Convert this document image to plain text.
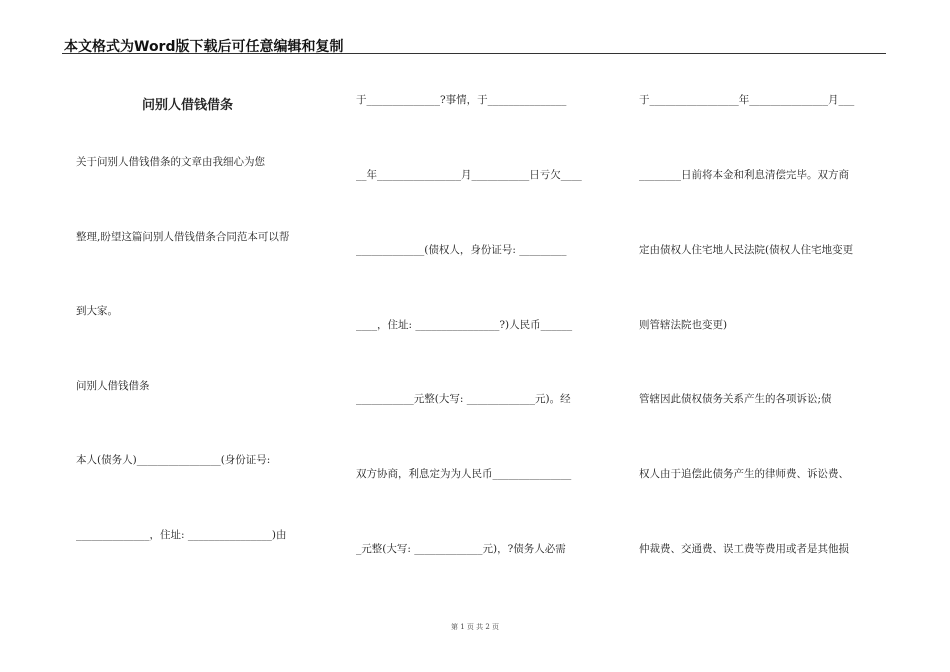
本文格式为Word版下载后可任意编辑和复制
问别人借钱借条
关于问别人借钱借条的文章由我细心为您
整理,盼望这篇问别人借钱借条合同范本可以帮
到大家。
问别人借钱借条
本人(债务人)________________(身份证号:
______________，住址: ________________)由
于______________?事情，于_______________
__年________________月___________日亏欠____
_____________(债权人，身份证号: _________
____，住址: ________________?)人民币______
___________元整(大写: _____________元)。经
双方协商，利息定为为人民币_______________
_元整(大写: _____________元)，?债务人必需
于_________________年_______________月___
________日前将本金和利息清偿完毕。双方商
定由债权人住宅地人民法院(债权人住宅地变更
则管辖法院也变更)
管辖因此债权债务关系产生的各项诉讼;债
权人由于追偿此债务产生的律师费、诉讼费、
仲裁费、交通费、误工费等费用或者是其他损
第 1 页 共 2 页
